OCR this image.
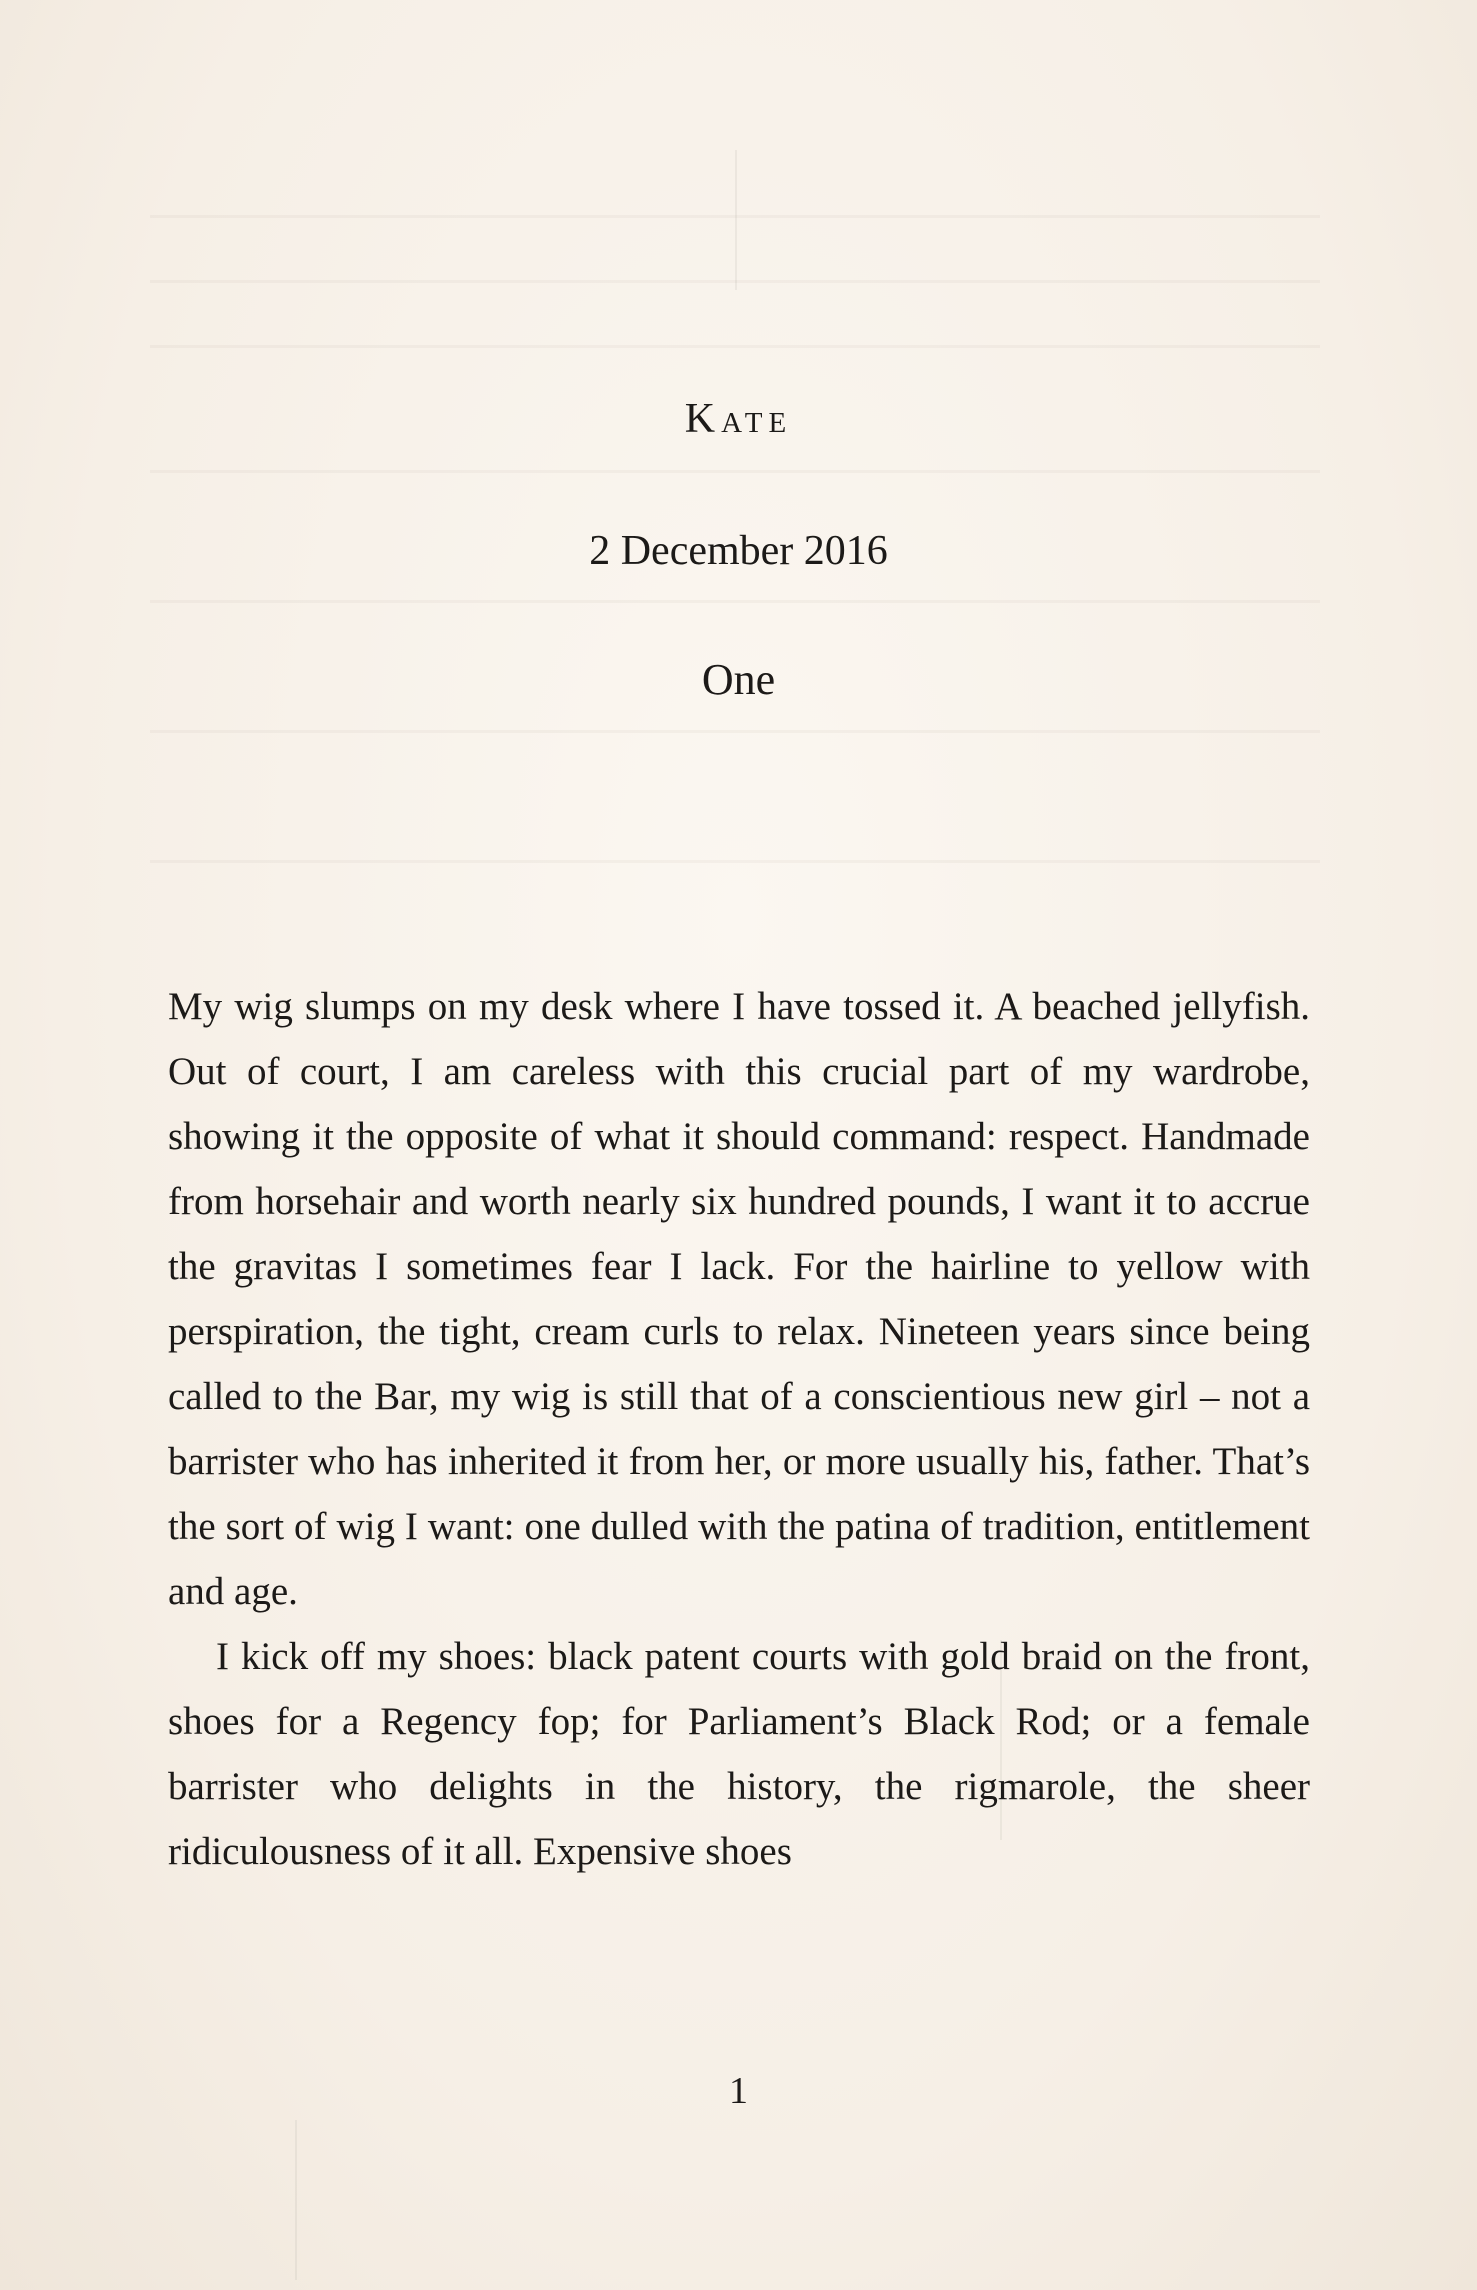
Kate
2 December 2016
One

My wig slumps on my desk where I have tossed it. A beached jellyfish. Out of court, I am careless with this crucial part of my wardrobe, showing it the opposite of what it should command: respect. Handmade from horsehair and worth nearly six hundred pounds, I want it to accrue the gravitas I sometimes fear I lack. For the hairline to yellow with perspiration, the tight, cream curls to relax. Nineteen years since being called to the Bar, my wig is still that of a conscientious new girl – not a barrister who has inherited it from her, or more usually his, father. That’s the sort of wig I want: one dulled with the patina of tradition, entitlement and age.

I kick off my shoes: black patent courts with gold braid on the front, shoes for a Regency fop; for Parliament’s Black Rod; or a female barrister who delights in the history, the rigmarole, the sheer ridiculousness of it all. Expensive shoes

1
